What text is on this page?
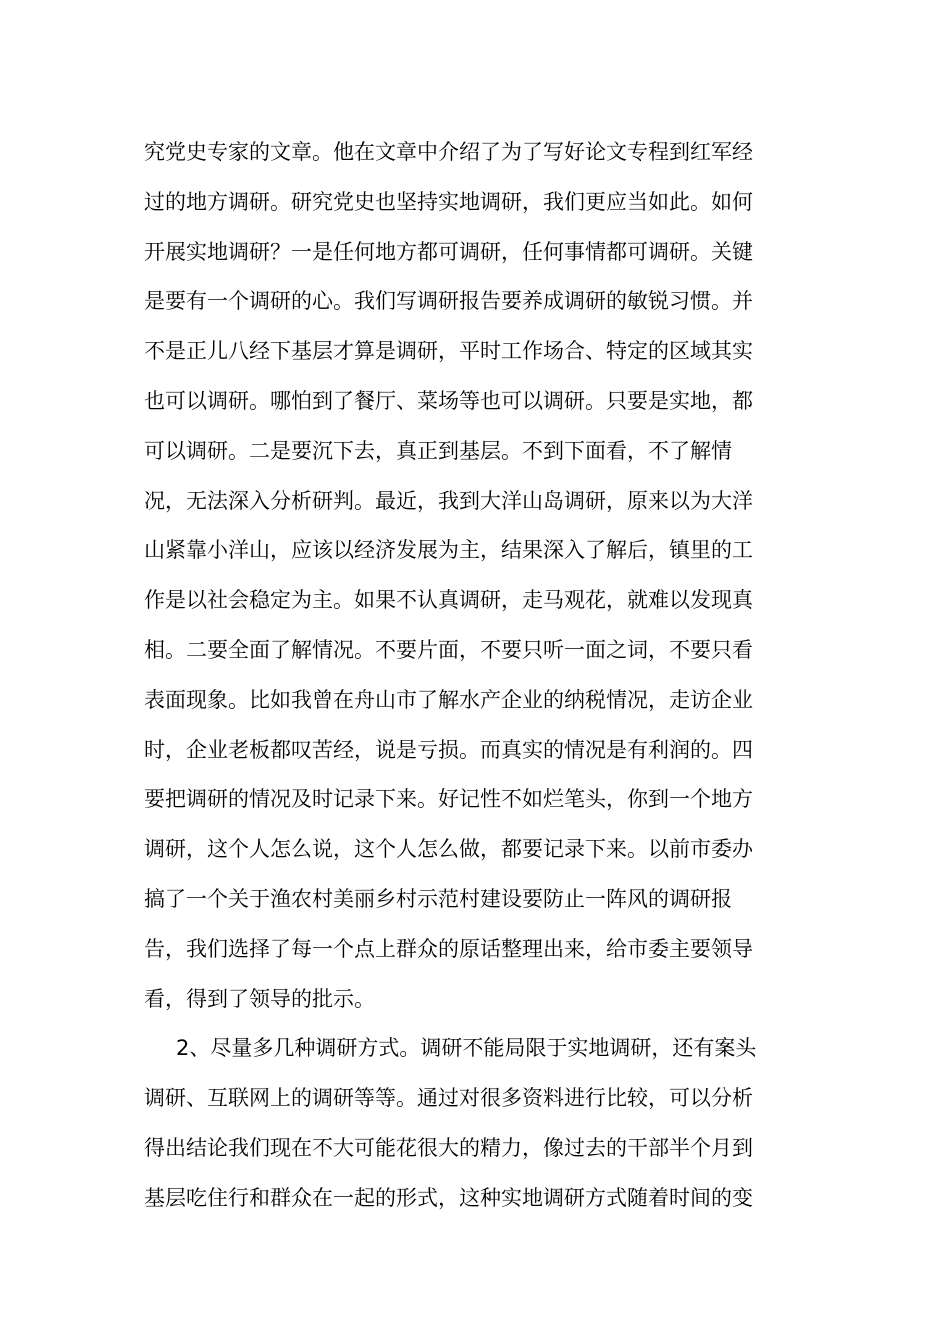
究党史专家的文章。他在文章中介绍了为了写好论文专程到红军经
过的地方调研。研究党史也坚持实地调研，我们更应当如此。如何
开展实地调研？一是任何地方都可调研，任何事情都可调研。关键
是要有一个调研的心。我们写调研报告要养成调研的敏锐习惯。并
不是正儿八经下基层才算是调研，平时工作场合、特定的区域其实
也可以调研。哪怕到了餐厅、菜场等也可以调研。只要是实地，都
可以调研。二是要沉下去，真正到基层。不到下面看，不了解情
况，无法深入分析研判。最近，我到大洋山岛调研，原来以为大洋
山紧靠小洋山，应该以经济发展为主，结果深入了解后，镇里的工
作是以社会稳定为主。如果不认真调研，走马观花，就难以发现真
相。二要全面了解情况。不要片面，不要只听一面之词，不要只看
表面现象。比如我曾在舟山市了解水产企业的纳税情况，走访企业
时，企业老板都叹苦经，说是亏损。而真实的情况是有利润的。四
要把调研的情况及时记录下来。好记性不如烂笔头，你到一个地方
调研，这个人怎么说，这个人怎么做，都要记录下来。以前市委办
搞了一个关于渔农村美丽乡村示范村建设要防止一阵风的调研报
告，我们选择了每一个点上群众的原话整理出来，给市委主要领导
看，得到了领导的批示。
2、尽量多几种调研方式。调研不能局限于实地调研，还有案头
调研、互联网上的调研等等。通过对很多资料进行比较，可以分析
得出结论我们现在不大可能花很大的精力，像过去的干部半个月到
基层吃住行和群众在一起的形式，这种实地调研方式随着时间的变
